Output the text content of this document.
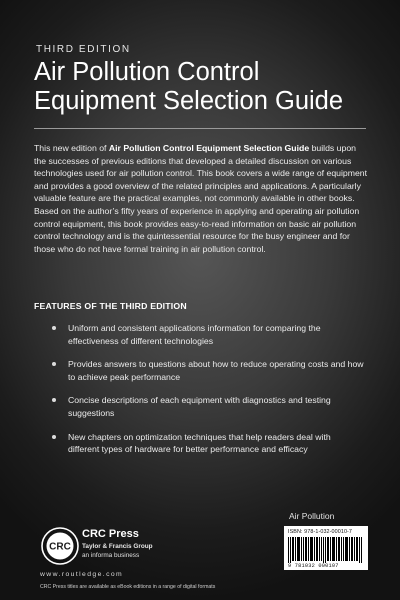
THIRD EDITION
Air Pollution Control
Equipment Selection Guide

This new edition of Air Pollution Control Equipment Selection Guide builds upon the successes of previous editions that developed a detailed discussion on various technologies used for air pollution control. This book covers a wide range of equipment and provides a good overview of the related principles and applications. A particularly valuable feature are the practical examples, not commonly available in other books. Based on the author’s fifty years of experience in applying and operating air pollution control equipment, this book provides easy-to-read information on basic air pollution control technology and is the quintessential resource for the busy engineer and for those who do not have formal training in air pollution control.

FEATURES OF THE THIRD EDITION
Uniform and consistent applications information for comparing the effectiveness of different technologies
Provides answers to questions about how to reduce operating costs and how to achieve peak performance
Concise descriptions of each equipment with diagnostics and testing suggestions
New chapters on optimization techniques that help readers deal with different types of hardware for better performance and efficacy
Air Pollution
ISBN: 978-1-032-00010-7
9 781032 000107
CRC
CRC Press
Taylor & Francis Group
an informa business
www.routledge.com
CRC Press titles are available as eBook editions in a range of digital formats
